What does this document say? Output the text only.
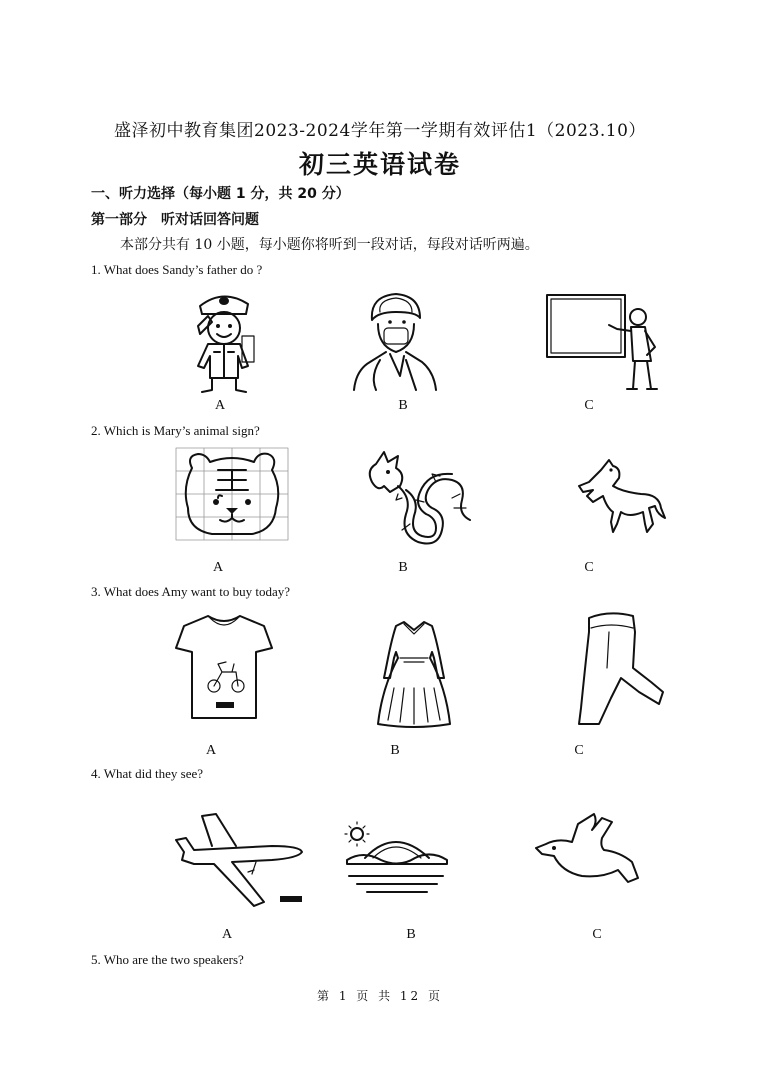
盛泽初中教育集团2023-2024学年第一学期有效评估1（2023.10）
初三英语试卷
一、听力选择（每小题 1 分，共 20 分）
第一部分　听对话回答问题
本部分共有 10 小题，每小题你将听到一段对话，每段对话听两遍。
1. What does Sandy’s father do ?
A	B	C
2. Which is Mary’s animal sign?
A	B	C
3. What does Amy want to buy today?
A	B	C
4. What did they see?
A	B	C
5. Who are the two speakers?
第 1 页 共 12 页
